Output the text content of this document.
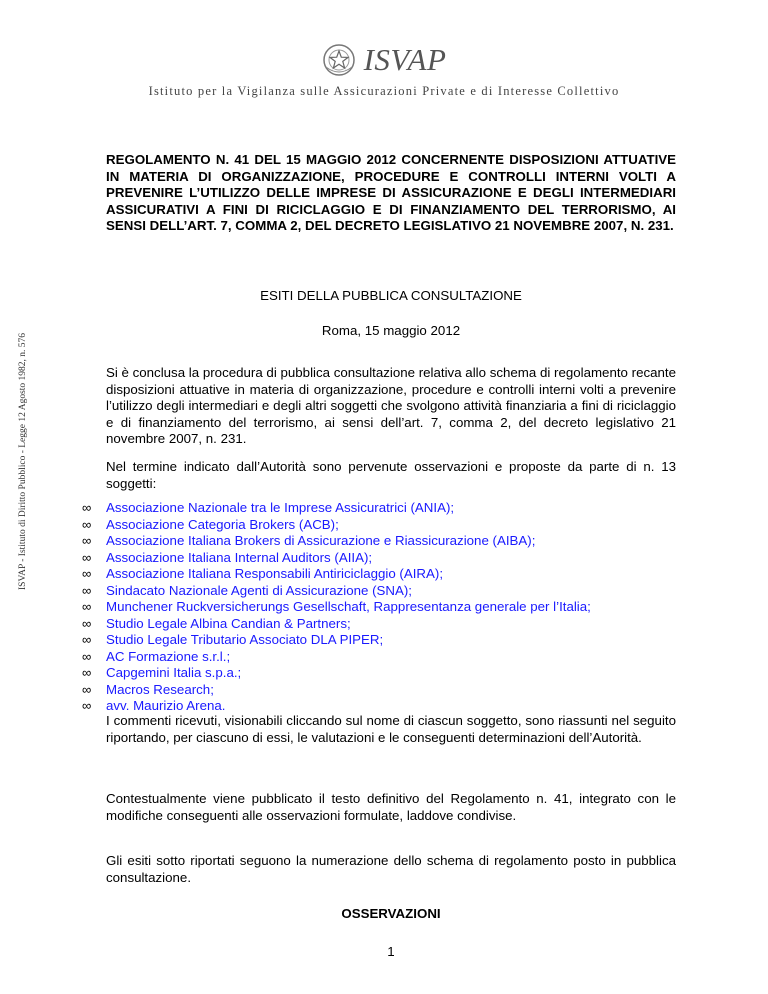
ISVAP
Istituto per la Vigilanza sulle Assicurazioni Private e di Interesse Collettivo
ISVAP - Istituto di Diritto Pubblico - Legge 12 Agosto 1982, n. 576
REGOLAMENTO N. 41 DEL 15 MAGGIO 2012 CONCERNENTE DISPOSIZIONI ATTUATIVE IN MATERIA DI ORGANIZZAZIONE, PROCEDURE E CONTROLLI INTERNI VOLTI A PREVENIRE L’UTILIZZO DELLE IMPRESE DI ASSICURAZIONE E DEGLI INTERMEDIARI ASSICURATIVI A FINI DI RICICLAGGIO E DI FINANZIAMENTO DEL TERRORISMO, AI SENSI DELL’ART. 7, COMMA 2, DEL DECRETO LEGISLATIVO 21 NOVEMBRE 2007, N. 231.
ESITI DELLA PUBBLICA CONSULTAZIONE
Roma, 15 maggio 2012
Si è conclusa la procedura di pubblica consultazione relativa allo schema di regolamento recante disposizioni attuative in materia di organizzazione, procedure e controlli interni volti a prevenire l’utilizzo degli intermediari e degli altri soggetti che svolgono attività finanziaria a fini di riciclaggio e di finanziamento del terrorismo, ai sensi dell’art. 7, comma 2, del decreto legislativo 21 novembre 2007, n. 231.
Nel termine indicato dall’Autorità sono pervenute osservazioni e proposte da parte di n. 13 soggetti:
∞	Associazione Nazionale tra le Imprese Assicuratrici (ANIA);
∞	Associazione Categoria Brokers (ACB);
∞	Associazione Italiana Brokers di Assicurazione e Riassicurazione (AIBA);
∞	Associazione Italiana Internal Auditors (AIIA);
∞	Associazione Italiana Responsabili Antiriciclaggio (AIRA);
∞	Sindacato Nazionale Agenti di Assicurazione (SNA);
∞	Munchener Ruckversicherungs Gesellschaft, Rappresentanza generale per l’Italia;
∞	Studio Legale Albina Candian & Partners;
∞	Studio Legale Tributario Associato DLA PIPER;
∞	AC Formazione s.r.l.;
∞	Capgemini Italia s.p.a.;
∞	Macros Research;
∞	avv. Maurizio Arena.
I commenti ricevuti, visionabili cliccando sul nome di ciascun soggetto, sono riassunti nel seguito riportando, per ciascuno di essi, le valutazioni e le conseguenti determinazioni dell’Autorità.
Contestualmente viene pubblicato il testo definitivo del Regolamento n. 41, integrato con le modifiche conseguenti alle osservazioni formulate, laddove condivise.
Gli esiti sotto riportati seguono la numerazione dello schema di regolamento posto in pubblica consultazione.
OSSERVAZIONI
1
